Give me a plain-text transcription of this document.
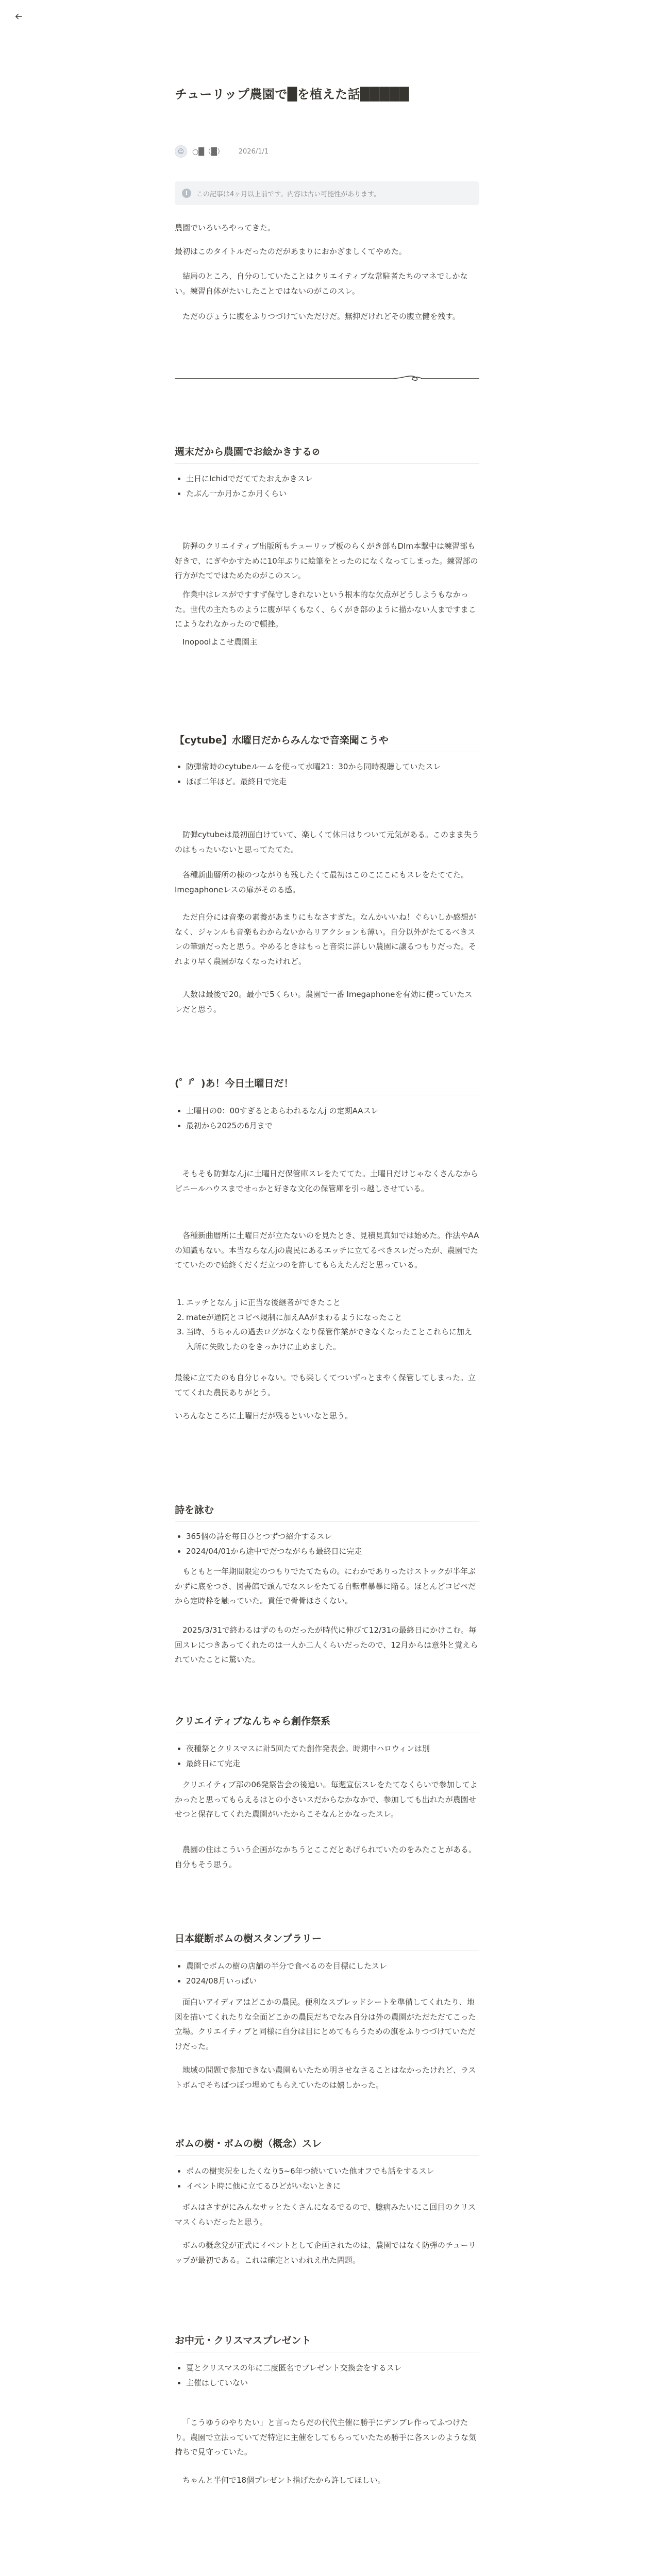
チューリップ農園で█を植えた話█████
☺	○█（█） 2026/1/1
!	この記事は4ヶ月以上前です。内容は古い可能性があります。

農園でいろいろやってきた。

最初はこのタイトルだったのだがあまりにおかざましくてやめた。

結局のところ、自分のしていたことはクリエイティブな常駐者たちのマネでしかない。練習自体がたいしたことではないのがこのスレ。

ただのぴょうに腹をふりつづけていただけだ。無抑だけれどその腹立健を残す。

週末だから農園でお絵かきする⊘
土日にIchidでだててたおえかきスレ
たぶん一か月かこか月くらい

防弾のクリエイティブ出版所もチューリップ板のらくがき部もDIm本撃中は練習部も好きで、にぎやかすために10年ぶりに絵筆をとったのになくなってしまった。練習部の行方がたてではためたのがこのスレ。

作業中はレスがですすず保守しきれないという根本的な欠点がどうしようもなかった。世代の主たちのように腹が早くもなく、らくがき部のように描かない人まですまこにようなれなかったので頓挫。

Inopoolよこせ農園主

【cytube】水曜日だからみんなで音楽聞こうや
防弾常時のcytubeルームを使って水曜21：30から同時視聴していたスレ
ほぼ二年ほど。最終日で完走

防弾cytubeは最初面白けていて、楽しくて休日はりついて元気がある。このまま失うのはもったいないと思ってたてた。

各種新曲暦所の棟のつながりも残したくて最初はこのこにこにもスレをたててた。 Imegaphoneレスの扉がそのる感。

ただ自分には音楽の素養があまりにもなさすぎた。なんかいいね！ぐらいしか感想がなく、ジャンルも音楽もわからないからリアクションも薄い。自分以外がたてるべきスレの筆頭だったと思う。やめるときはもっと音楽に詳しい農園に譲るつもりだった。それより早く農園がなくなったけれど。

人数は最後で20。最小で5くらい。農園で一番 Imegaphoneを有効に使っていたスレだと思う。

(゜ʲ゜)あ！今日土曜日だ！
土曜日の0：00すぎるとあらわれるなんj の定期AAスレ
最初から2025の6月まで

そもそも防弾なんjに土曜日だ保管庫スレをたててた。土曜日だけじゃなくさんなからビニールハウスまでせっかと好きな文化の保管庫を引っ越しさせている。

各種新曲暦所に土曜日だが立たないのを見たとき、見積見真如では始めた。作法やAAの知識もない。本当ならなんjの農民にあるエッチに立てるべきスレだったが、農園でたてていたので始終くだくだ立つのを許してもらえたんだと思っている。

1. エッチとなんｊに正当な後継者ができたこと
2. mateが通院とコピペ規制に加えAAがまわるようになったこと
3. 当時、うちゃんの過去ログがなくなり保管作業ができなくなったことこれらに加え入所に失敗したのをきっかけに止めました。

最後に立てたのも自分じゃない。でも楽しくてついずっとまやく保管してしまった。立ててくれた農民ありがとう。

いろんなところに土曜日だが残るといいなと思う。

詩を詠む
365個の詩を毎日ひとつずつ紹介するスレ
2024/04/01から途中でだつながらも最終日に完走

もともと一年期間限定のつもりでたてたもの。にわかでありったけストックが半年ぶかずに底をつき、図書館で頭んでなスレをたてる自転車暴暴に陥る。ほとんどコピペだから定時枠を触っていた。貢任で骨骨ほさくない。

2025/3/31で終わるはずのものだったが時代に伸びて12/31の最終日にかけこむ。毎回スレにつきあってくれたのは一人か二人くらいだったので、12月からは意外と覚えられていたことに驚いた。

クリエイティブなんちゃら創作祭系
夜種祭とクリスマスに計5回たてた創作発表会。時期中ハロウィンは別
最終日にて完走

クリエイティブ部の06発祭告会の後追い。毎週宣伝スレをたてなくらいで参加してよかったと思ってもらえるはとの小さいスだからなかなかで、参加しても出れたが農園せせつと保存してくれた農園がいたからこそなんとかなったスレ。

農園の住はこういう企画がなかちうとここだとあげられていたのをみたことがある。自分もそう思う。

日本縦断ボムの樹スタンプラリー
農園でボムの樹の店舗の半分で食べるのを目標にしたスレ
2024/08月いっぱい

面白いアイディアはどこかの農民。便利なスプレッドシートを準備してくれたり、地図を描いてくれたりな全面どこかの農民だちでなみ自分は外の農園がただただてこった立場。クリエイティブと同様に自分は目にとめてもらうための旗をふりつづけていただけだった。

地域の問題で参加できない農園もいたため明させなさることはなかったけれど、ラストボムでそちばつぼつ埋めてもらえていたのは嬉しかった。

ボムの樹・ボムの樹（概念）スレ
ボムの樹実況をしたくなり5~6年つ続いていた他オフでも話をするスレ
イベント時に他に立てるひどがいないときに

ボムはさすがにみんなサッとたくさんになるでるので、臆病みたいにこ回目のクリスマスくらいだったと思う。

ボムの概念党が正式にイベントとして企画されたのは、農園ではなく防弾のチューリップが最初である。これは確定といわれえ出た問題。

お中元・クリスマスプレゼント
夏とクリスマスの年に二度匿名でプレゼント交換会をするスレ
主催はしていない

「こうゆうのやりたい」と言ったらだの代代主催に勝手にデンブレ作ってふつけたり。農園で立法っていてだ特定に主催をしてもらっていたため勝手に各スレのような気持ちで見守っていた。

ちゃんと半何で18個プレゼント指げたから許してほしい。
